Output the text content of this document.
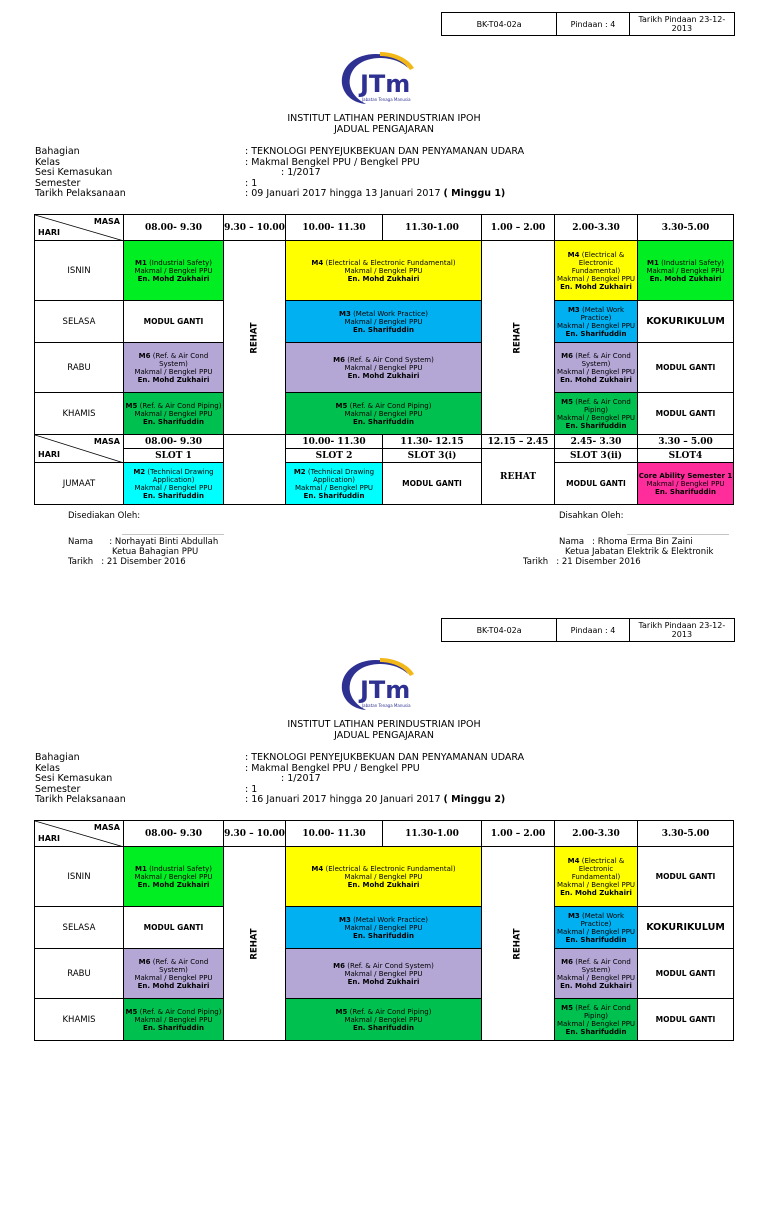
BK-T04-02a	Pindaan : 4	Tarikh Pindaan 23-12-2013
JTm
Jabatan Tenaga Manusia
INSTITUT LATIHAN PERINDUSTRIAN IPOH
JADUAL PENGAJARAN
Bahagian	: TEKNOLOGI PENYEJUKBEKUAN DAN PENYAMANAN UDARA
Kelas	: Makmal Bengkel PPU / Bengkel PPU
Sesi Kemasukan	: 1/2017
Semester	: 1
Tarikh Pelaksanaan	: 09 Januari 2017 hingga 13 Januari 2017
( Minggu 1)
MASA
HARI	08.00- 9.30	9.30 – 10.00	10.00- 11.30	11.30-1.00	1.00 – 2.00	2.00-3.30	3.30-5.00
ISNIN	M1 (Industrial Safety)
Makmal / Bengkel PPU
En. Mohd Zukhairi	REHAT	M4 (Electrical & Electronic Fundamental)
Makmal / Bengkel PPU
En. Mohd Zukhairi		REHAT	M4 (Electrical & Electronic Fundamental)
Makmal / Bengkel PPU
En. Mohd Zukhairi	M1 (Industrial Safety)
Makmal / Bengkel PPU
En. Mohd Zukhairi
SELASA	MODUL GANTI		M3 (Metal Work Practice)
Makmal / Bengkel PPU
En. Sharifuddin			M3 (Metal Work Practice)
Makmal / Bengkel PPU
En. Sharifuddin	KOKURIKULUM
RABU	M6 (Ref. & Air Cond System)
Makmal / Bengkel PPU
En. Mohd Zukhairi		M6 (Ref. & Air Cond System)
Makmal / Bengkel PPU
En. Mohd Zukhairi			M6 (Ref. & Air Cond System)
Makmal / Bengkel PPU
En. Mohd Zukhairi	MODUL GANTI
KHAMIS	M5 (Ref. & Air Cond Piping)
Makmal / Bengkel PPU
En. Sharifuddin		M5 (Ref. & Air Cond Piping)
Makmal / Bengkel PPU
En. Sharifuddin			M5 (Ref. & Air Cond Piping)
Makmal / Bengkel PPU
En. Sharifuddin	MODUL GANTI

MASA
HARI	08.00- 9.30		10.00- 11.30	11.30- 12.15	12.15 – 2.45	2.45- 3.30	3.30 – 5.00
	SLOT 1		SLOT 2	SLOT 3(i)	REHAT	SLOT 3(ii)	SLOT4
JUMAAT	M2 (Technical Drawing Application)
Makmal / Bengkel PPU
En. Sharifuddin		M2 (Technical Drawing Application)
Makmal / Bengkel PPU
En. Sharifuddin	MODUL GANTI		MODUL GANTI	Core Ability Semester 1
Makmal / Bengkel PPU
En. Sharifuddin
Disediakan Oleh:
……………………………………………
Nama : Norhayati Binti Abdullah
Ketua Bahagian PPU
Tarikh : 21 Disember 2016
Disahkan Oleh:
……………………………………………
Nama : Rhoma Erma Bin Zaini
Ketua Jabatan Elektrik & Elektronik
Tarikh : 21 Disember 2016
BK-T04-02a	Pindaan : 4	Tarikh Pindaan 23-12-2013
JTm
Jabatan Tenaga Manusia
INSTITUT LATIHAN PERINDUSTRIAN IPOH
JADUAL PENGAJARAN
Bahagian	: TEKNOLOGI PENYEJUKBEKUAN DAN PENYAMANAN UDARA
Kelas	: Makmal Bengkel PPU / Bengkel PPU
Sesi Kemasukan	: 1/2017
Semester	: 1
Tarikh Pelaksanaan	: 16 Januari 2017 hingga 20 Januari 2017
( Minggu 2)
MASA
HARI	08.00- 9.30	9.30 – 10.00	10.00- 11.30	11.30-1.00	1.00 – 2.00	2.00-3.30	3.30-5.00
ISNIN	M1 (Industrial Safety)
Makmal / Bengkel PPU
En. Mohd Zukhairi	REHAT	M4 (Electrical & Electronic Fundamental)
Makmal / Bengkel PPU
En. Mohd Zukhairi		REHAT	M4 (Electrical & Electronic Fundamental)
Makmal / Bengkel PPU
En. Mohd Zukhairi	MODUL GANTI
SELASA	MODUL GANTI		M3 (Metal Work Practice)
Makmal / Bengkel PPU
En. Sharifuddin			M3 (Metal Work Practice)
Makmal / Bengkel PPU
En. Sharifuddin	KOKURIKULUM
RABU	M6 (Ref. & Air Cond System)
Makmal / Bengkel PPU
En. Mohd Zukhairi		M6 (Ref. & Air Cond System)
Makmal / Bengkel PPU
En. Mohd Zukhairi			M6 (Ref. & Air Cond System)
Makmal / Bengkel PPU
En. Mohd Zukhairi	MODUL GANTI
KHAMIS	M5 (Ref. & Air Cond Piping)
Makmal / Bengkel PPU
En. Sharifuddin		M5 (Ref. & Air Cond Piping)
Makmal / Bengkel PPU
En. Sharifuddin			M5 (Ref. & Air Cond Piping)
Makmal / Bengkel PPU
En. Sharifuddin	MODUL GANTI
